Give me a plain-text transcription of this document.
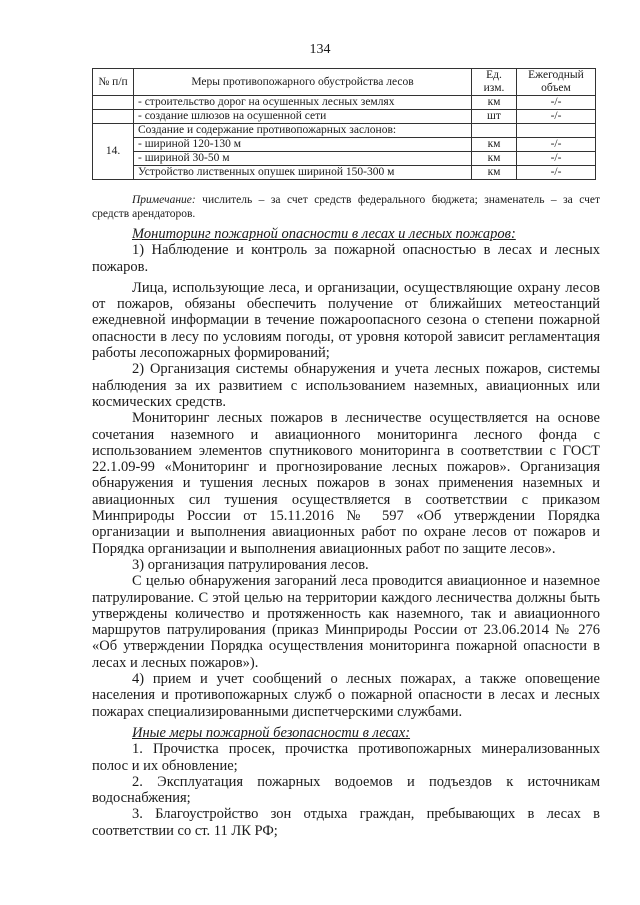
134
№ п/п	Меры противопожарного обустройства лесов	Ед. изм.	Ежегодный объем
	- строительство дорог на осушенных лесных землях	км	-/-
	- создание шлюзов на осушенной сети	шт	-/-
14.	Создание и содержание противопожарных заслонов:		
	- шириной 120-130 м	км	-/-
	- шириной 30-50 м	км	-/-
	Устройство лиственных опушек шириной 150-300 м	км	-/-
Примечание: числитель – за счет средств федерального бюджета; знаменатель – за счет средств арендаторов.

Мониторинг пожарной опасности в лесах и лесных пожаров:

1) Наблюдение и контроль за пожарной опасностью в лесах и лесных пожаров.

Лица, использующие леса, и организации, осуществляющие охрану лесов от пожаров, обязаны обеспечить получение от ближайших метеостанций ежедневной информации в течение пожароопасного сезона о степени пожарной опасности в лесу по условиям погоды, от уровня которой зависит регламентация работы лесопожарных формирований;

2) Организация системы обнаружения и учета лесных пожаров, системы наблюдения за их развитием с использованием наземных, авиационных или космических средств.

Мониторинг лесных пожаров в лесничестве осуществляется на основе сочетания наземного и авиационного мониторинга лесного фонда с использованием элементов спутникового мониторинга в соответствии с ГОСТ 22.1.09-99 «Мониторинг и прогнозирование лесных пожаров». Организация обнаружения и тушения лесных пожаров в зонах применения наземных и авиационных сил тушения осуществляется в соответствии с приказом Минприроды России от 15.11.2016 № 597 «Об утверждении Порядка организации и выполнения авиационных работ по охране лесов от пожаров и Порядка организации и выполнения авиационных работ по защите лесов».

3) организация патрулирования лесов.

С целью обнаружения загораний леса проводится авиационное и наземное патрулирование. С этой целью на территории каждого лесничества должны быть утверждены количество и протяженность как наземного, так и авиационного маршрутов патрулирования (приказ Минприроды России от 23.06.2014 № 276 «Об утверждении Порядка осуществления мониторинга пожарной опасности в лесах и лесных пожаров»).

4) прием и учет сообщений о лесных пожарах, а также оповещение населения и противопожарных служб о пожарной опасности в лесах и лесных пожарах специализированными диспетчерскими службами.

Иные меры пожарной безопасности в лесах:

1. Прочистка просек, прочистка противопожарных минерализованных полос и их обновление;

2. Эксплуатация пожарных водоемов и подъездов к источникам водоснабжения;

3. Благоустройство зон отдыха граждан, пребывающих в лесах в соответствии со ст. 11 ЛК РФ;
